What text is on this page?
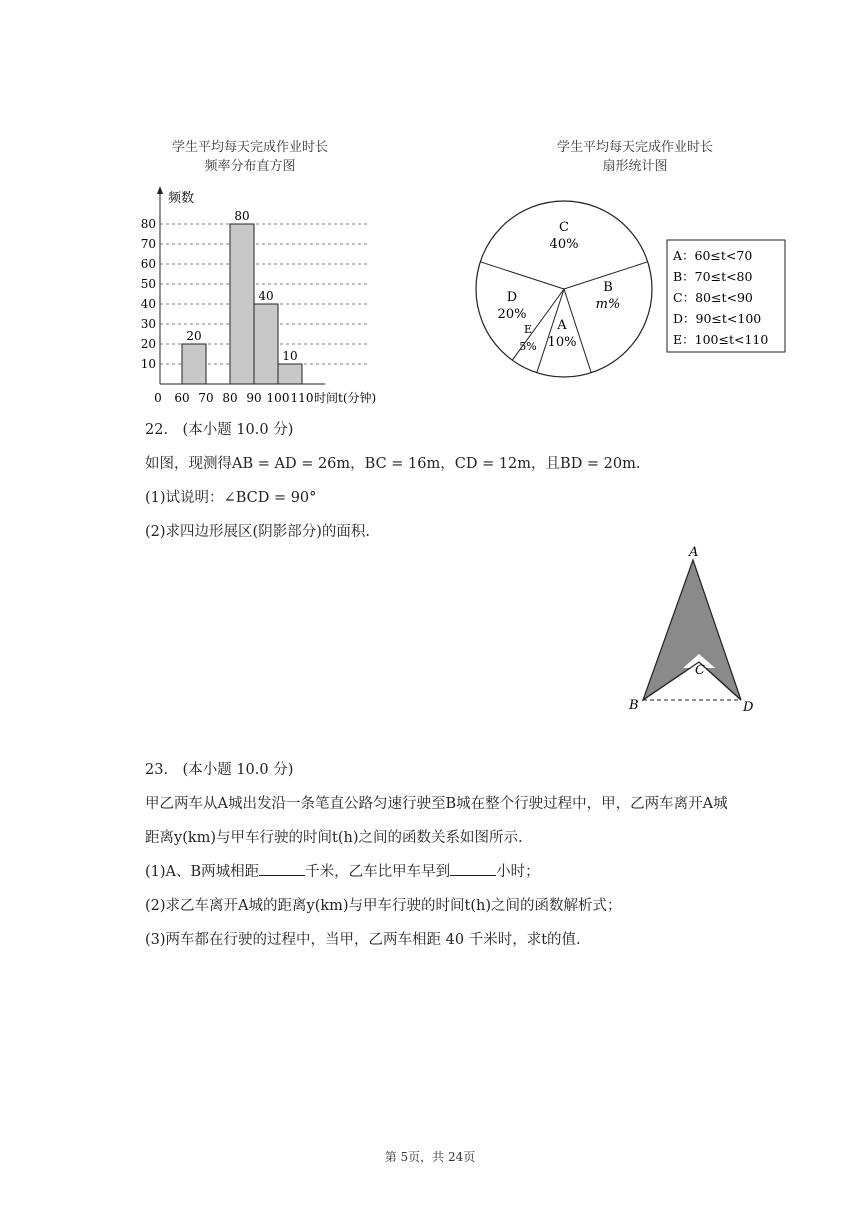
学生平均每天完成作业时长
频率分布直方图
学生平均每天完成作业时长
扇形统计图
频数
10
20
30
40
50
60
70
80
20
80
40
10
0 60 70 80 90 100 110 时间t(分钟)
C
40%
B
m%
A
10%
E
5%
D
20%
A：60≤t<70
B：70≤t<80
C：80≤t<90
D：90≤t<100
E：100≤t<110
22.　(本小题 10.0 分)
如图，现测得AB = AD = 26m，BC = 16m，CD = 12m，且BD = 20m.
(1)试说明：∠BCD = 90°
(2)求四边形展区(阴影部分)的面积.
A
B
C
D
23.　(本小题 10.0 分)
甲乙两车从A城出发沿一条笔直公路匀速行驶至B城在整个行驶过程中，甲，乙两车离开A城
距离y(km)与甲车行驶的时间t(h)之间的函数关系如图所示.
(1)A、B两城相距	千米，乙车比甲车早到	小时；
(2)求乙车离开A城的距离y(km)与甲车行驶的时间t(h)之间的函数解析式；
(3)两车都在行驶的过程中，当甲，乙两车相距 40 千米时，求t的值.
第 5页，共 24页
